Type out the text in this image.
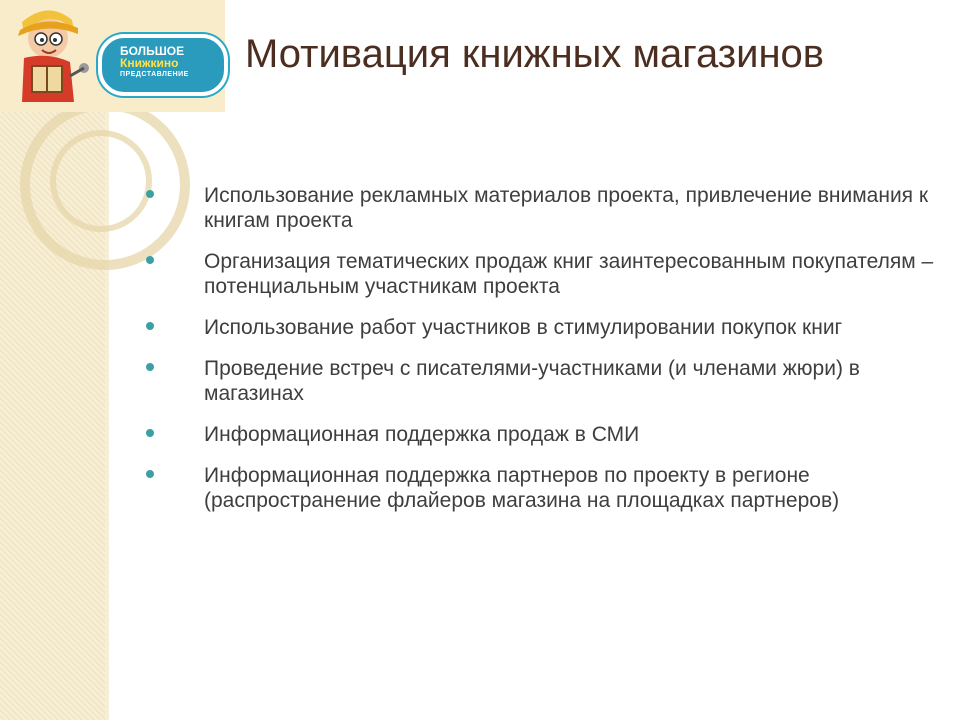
БОЛЬШОЕ
Книжкино
ПРЕДСТАВЛЕНИЕ Мотивация книжных магазинов
Использование рекламных материалов проекта, привлечение внимания к книгам проекта
Организация тематических продаж книг заинтересованным покупателям – потенциальным участникам проекта
Использование работ участников в стимулировании покупок книг
Проведение встреч с писателями-участниками (и членами жюри) в магазинах
Информационная поддержка продаж в СМИ
Информационная поддержка партнеров по проекту в регионе (распространение флайеров магазина на площадках партнеров)
